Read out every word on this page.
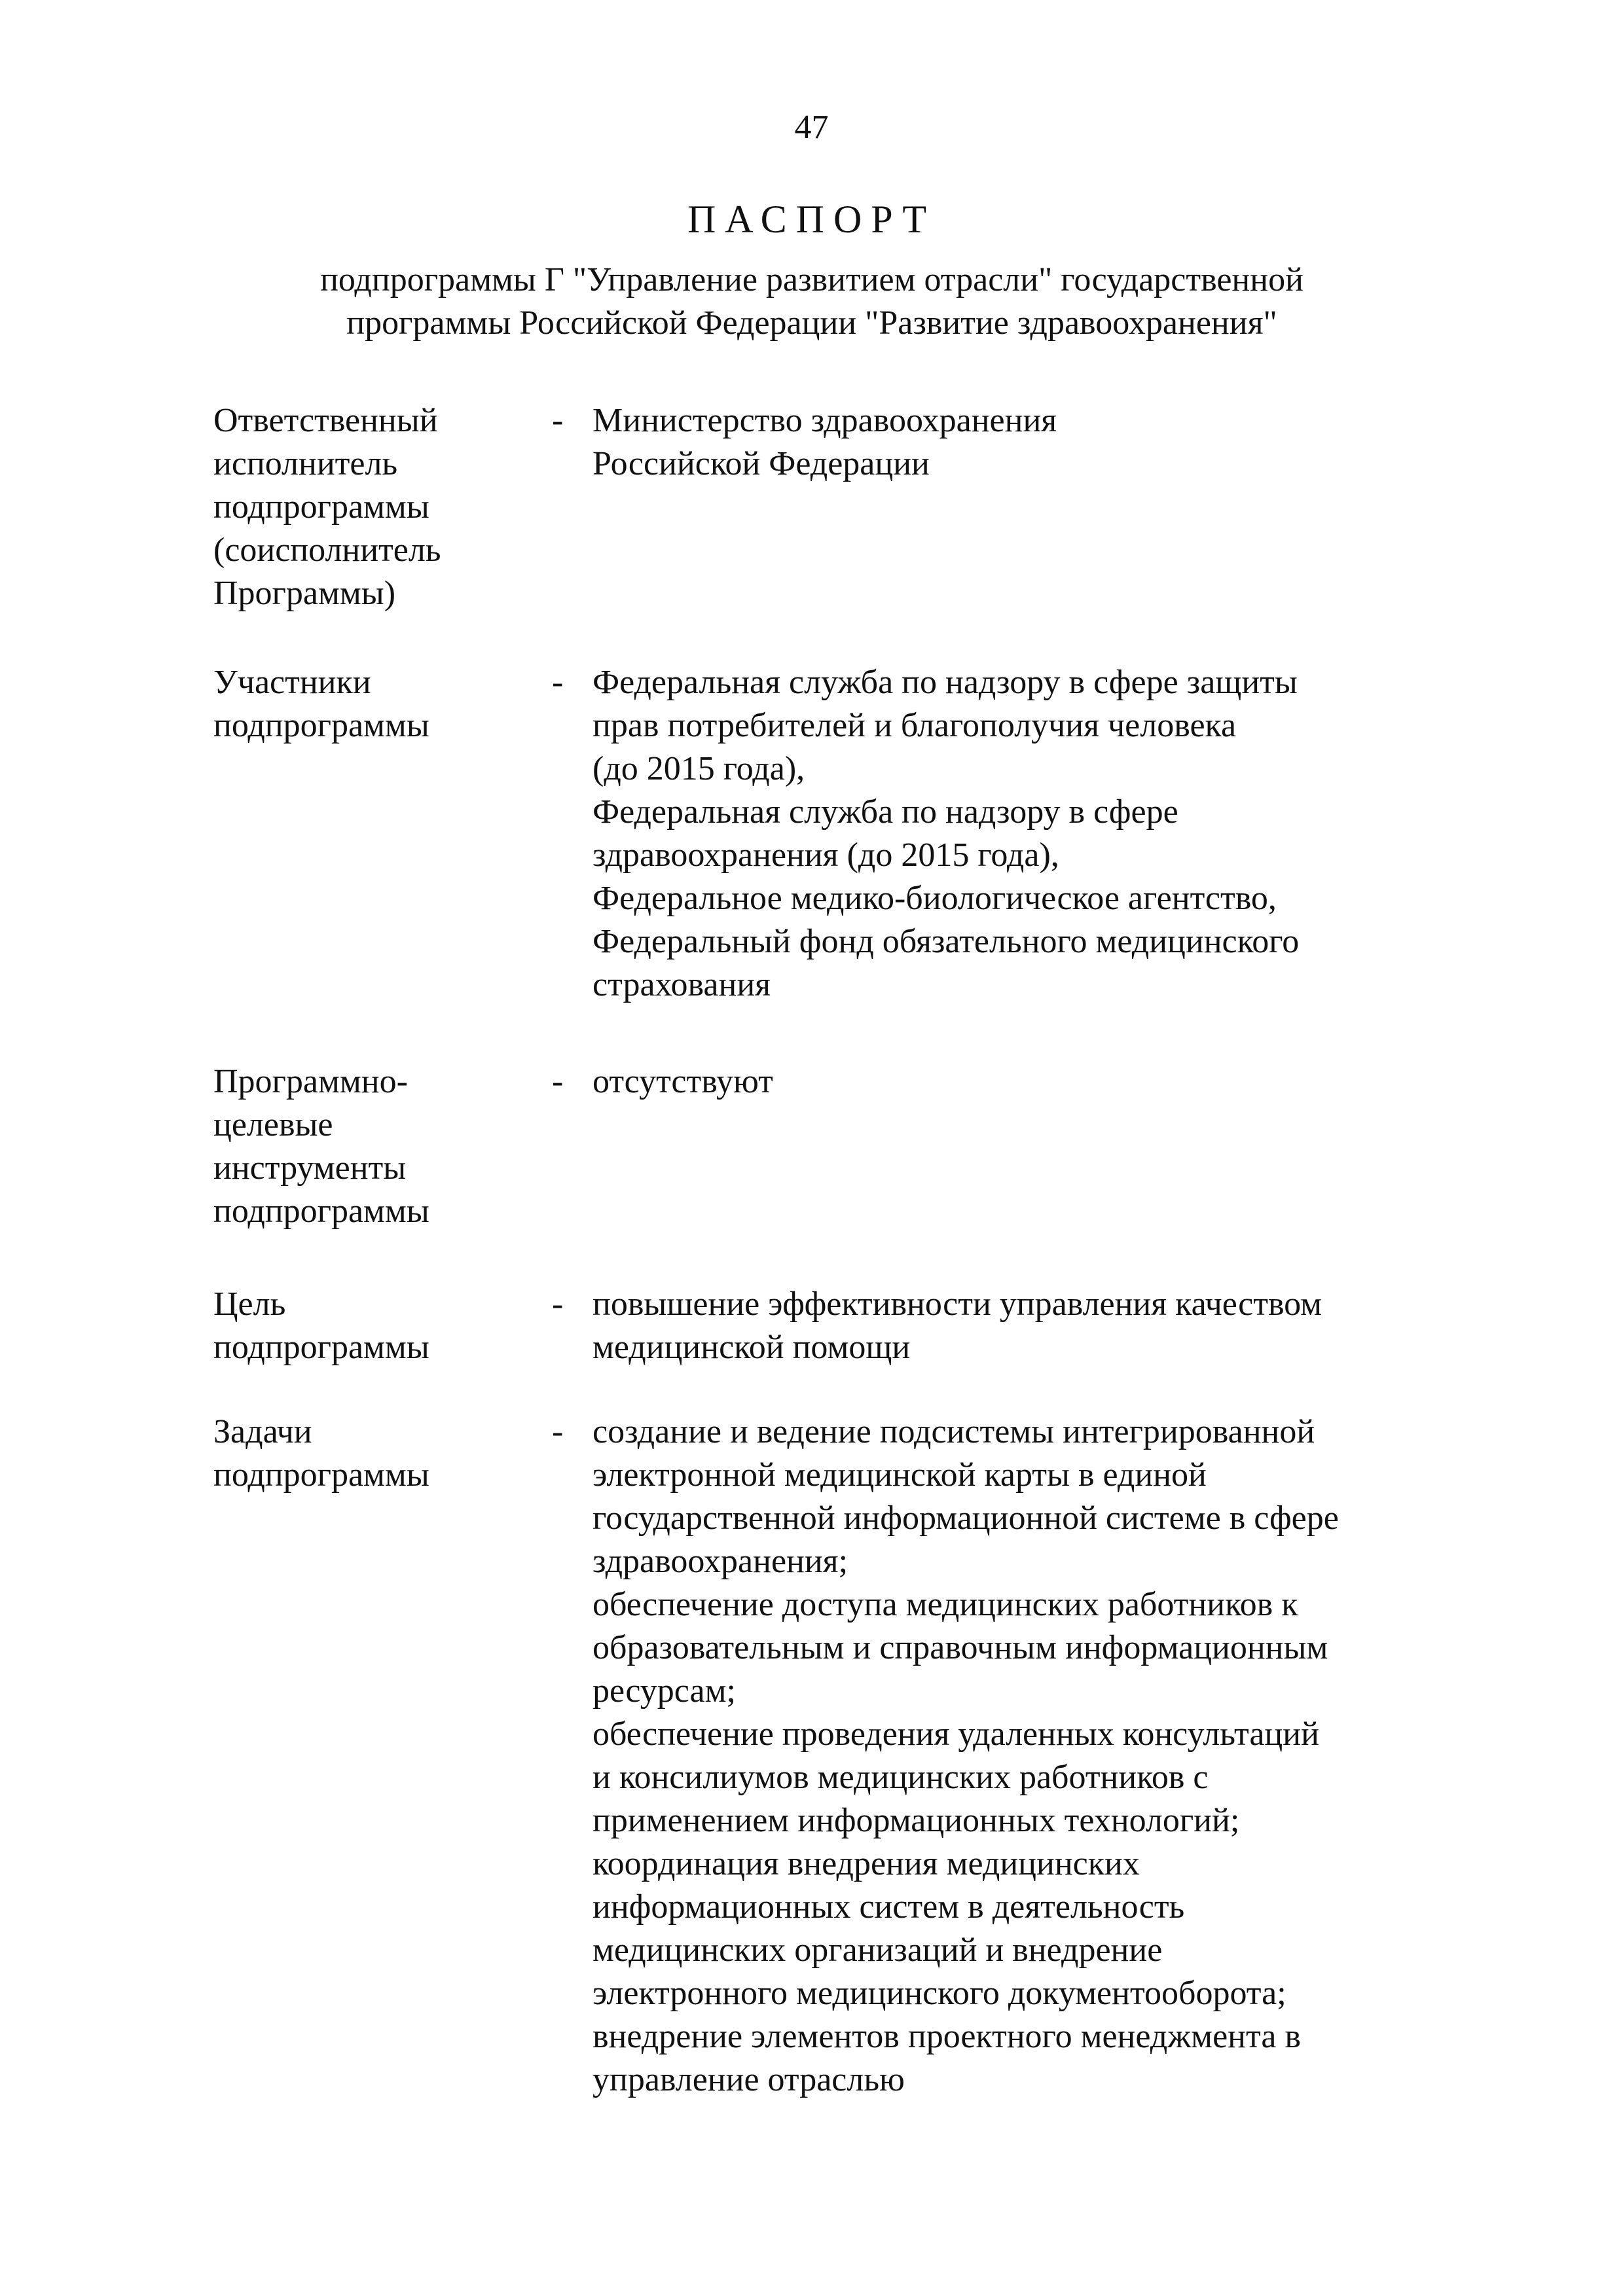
47
ПАСПОРТ
подпрограммы Г "Управление развитием отрасли" государственной
программы Российской Федерации "Развитие здравоохранения"
Ответственный
исполнитель
подпрограммы
(соисполнитель
Программы)
- Министерство здравоохранения
Российской Федерации
Участники
подпрограммы
- Федеральная служба по надзору в сфере защиты
прав потребителей и благополучия человека
(до 2015 года),
Федеральная служба по надзору в сфере
здравоохранения (до 2015 года),
Федеральное медико-биологическое агентство,
Федеральный фонд обязательного медицинского
страхования
Программно-
целевые
инструменты
подпрограммы
- отсутствуют
Цель
подпрограммы
- повышение эффективности управления качеством
медицинской помощи
Задачи
подпрограммы
- создание и ведение подсистемы интегрированной
электронной медицинской карты в единой
государственной информационной системе в сфере
здравоохранения;
обеспечение доступа медицинских работников к
образовательным и справочным информационным
ресурсам;
обеспечение проведения удаленных консультаций
и консилиумов медицинских работников с
применением информационных технологий;
координация внедрения медицинских
информационных систем в деятельность
медицинских организаций и внедрение
электронного медицинского документооборота;
внедрение элементов проектного менеджмента в
управление отраслью
